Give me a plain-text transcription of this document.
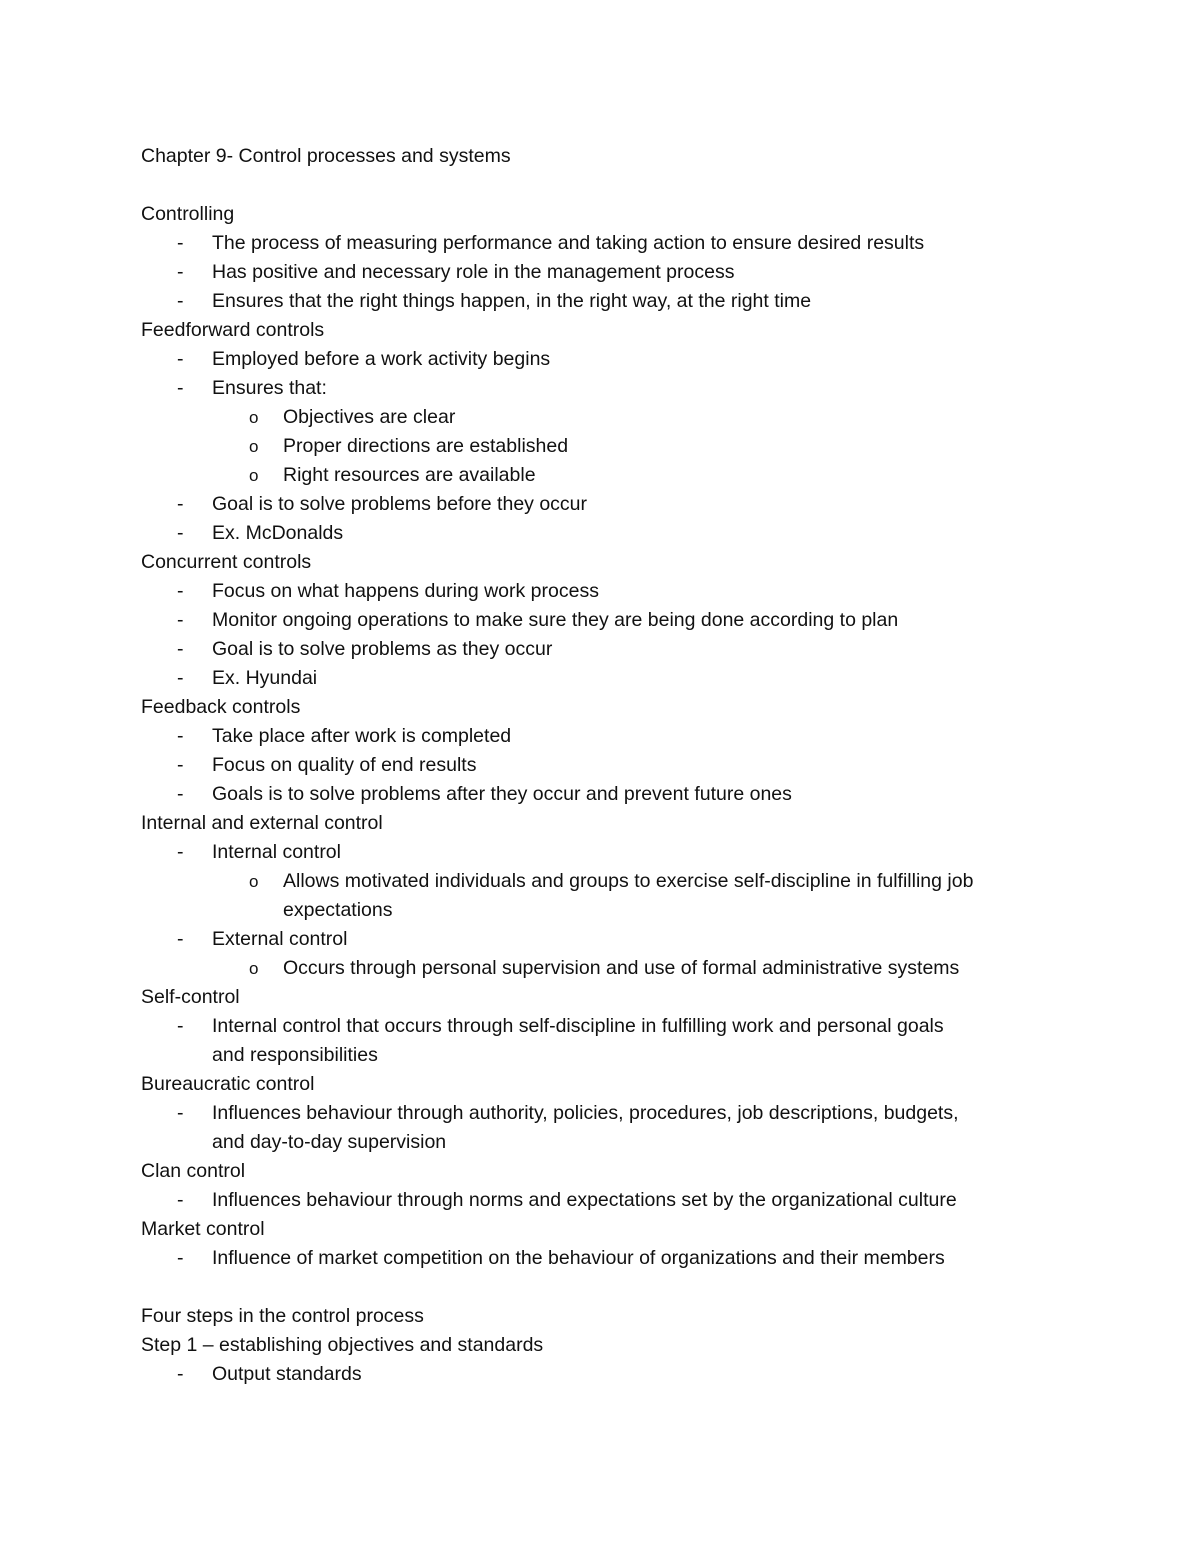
Chapter 9- Control processes and systems
Controlling
- The process of measuring performance and taking action to ensure desired results
- Has positive and necessary role in the management process
- Ensures that the right things happen, in the right way, at the right time
Feedforward controls
- Employed before a work activity begins
- Ensures that:
o Objectives are clear
o Proper directions are established
o Right resources are available
- Goal is to solve problems before they occur
- Ex. McDonalds
Concurrent controls
- Focus on what happens during work process
- Monitor ongoing operations to make sure they are being done according to plan
- Goal is to solve problems as they occur
- Ex. Hyundai
Feedback controls
- Take place after work is completed
- Focus on quality of end results
- Goals is to solve problems after they occur and prevent future ones
Internal and external control
- Internal control
o Allows motivated individuals and groups to exercise self-discipline in fulfilling job
expectations
- External control
o Occurs through personal supervision and use of formal administrative systems
Self-control
- Internal control that occurs through self-discipline in fulfilling work and personal goals
and responsibilities
Bureaucratic control
- Influences behaviour through authority, policies, procedures, job descriptions, budgets,
and day-to-day supervision
Clan control
- Influences behaviour through norms and expectations set by the organizational culture
Market control
- Influence of market competition on the behaviour of organizations and their members
Four steps in the control process
Step 1 – establishing objectives and standards
- Output standards
